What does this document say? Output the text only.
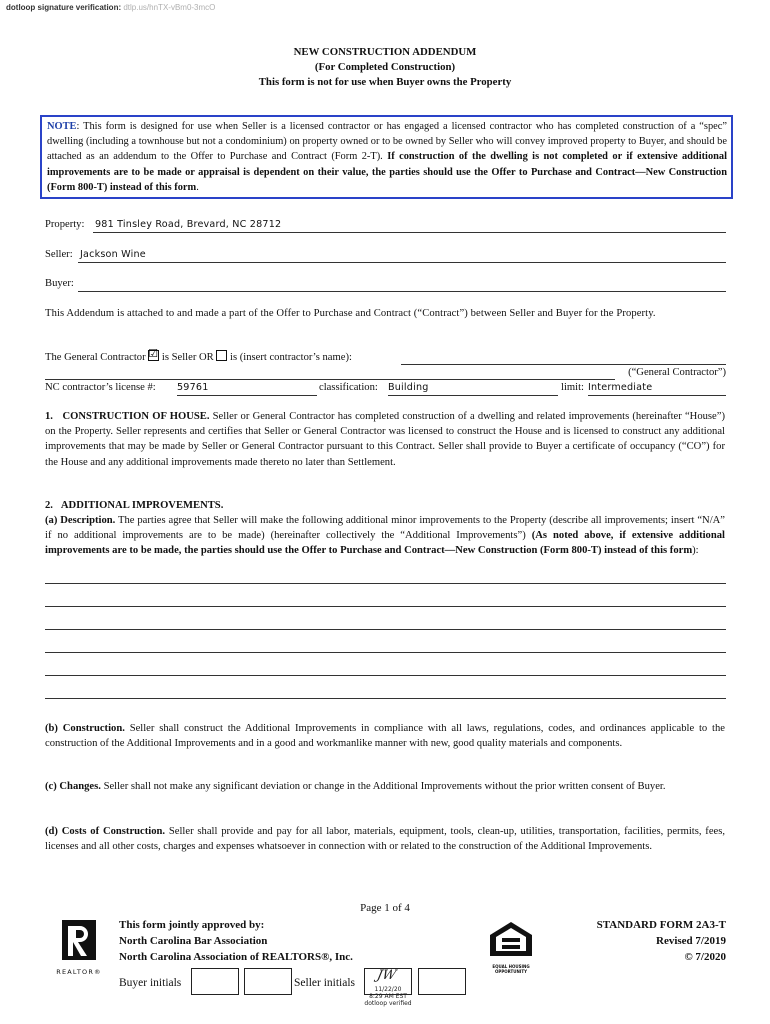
dotloop signature verification: dtlp.us/hnTX-vBm0-3mcO
NEW CONSTRUCTION ADDENDUM
(For Completed Construction)
This form is not for use when Buyer owns the Property
NOTE: This form is designed for use when Seller is a licensed contractor or has engaged a licensed contractor who has completed construction of a “spec” dwelling (including a townhouse but not a condominium) on property owned or to be owned by Seller who will convey improved property to Buyer, and should be attached as an addendum to the Offer to Purchase and Contract (Form 2-T). If construction of the dwelling is not completed or if extensive additional improvements are to be made or appraisal is dependent on their value, the parties should use the Offer to Purchase and Contract—New Construction (Form 800-T) instead of this form.
Property: 981 Tinsley Road, Brevard, NC 28712
Seller: Jackson Wine
Buyer:
This Addendum is attached to and made a part of the Offer to Purchase and Contract (“Contract”) between Seller and Buyer for the Property.
The General Contractor ☑ is Seller OR is (insert contractor’s name):
(“General Contractor”)
NC contractor’s license #: 59761	classification: Building	limit: Intermediate
1.   CONSTRUCTION OF HOUSE. Seller or General Contractor has completed construction of a dwelling and related improvements (hereinafter “House”) on the Property. Seller represents and certifies that Seller or General Contractor was licensed to construct the House and is licensed to construct any additional improvements that may be made by Seller or General Contractor pursuant to this Contract. Seller shall provide to Buyer a certificate of occupancy (“CO”) for the House and any additional improvements made thereto no later than Settlement.
2.   ADDITIONAL IMPROVEMENTS.
(a) Description. The parties agree that Seller will make the following additional minor improvements to the Property (describe all improvements; insert “N/A” if no additional improvements are to be made) (hereinafter collectively the “Additional Improvements”) (As noted above, if extensive additional improvements are to be made, the parties should use the Offer to Purchase and Contract—New Construction (Form 800-T) instead of this form):
(b) Construction. Seller shall construct the Additional Improvements in compliance with all laws, regulations, codes, and ordinances applicable to the construction of the Additional Improvements and in a good and workmanlike manner with new, good quality materials and components.
(c) Changes. Seller shall not make any significant deviation or change in the Additional Improvements without the prior written consent of Buyer.
(d) Costs of Construction. Seller shall provide and pay for all labor, materials, equipment, tools, clean-up, utilities, transportation, facilities, permits, fees, licenses and all other costs, charges and expenses whatsoever in connection with or related to the construction of the Additional Improvements.
Page 1 of 4
REALTOR®
This form jointly approved by:
North Carolina Bar Association
North Carolina Association of REALTORS®, Inc.
EQUAL HOUSING
OPPORTUNITY
STANDARD FORM 2A3-T
Revised 7/2019
© 7/2020
Buyer initials	Seller initials JW
11/22/20
8:29 AM EST
dotloop verified
